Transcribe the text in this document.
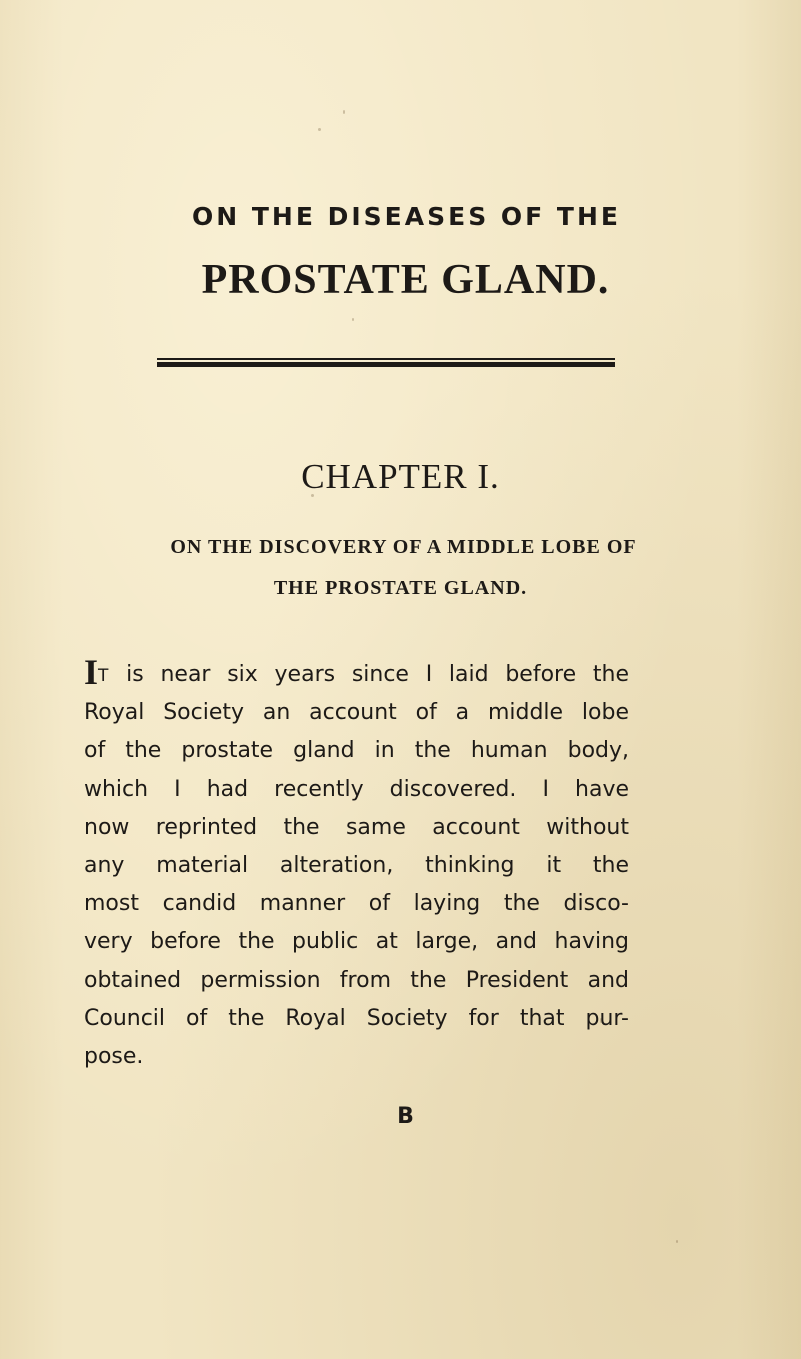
ON THE DISEASES OF THE
PROSTATE GLAND.
CHAPTER I.
ON THE DISCOVERY OF A MIDDLE LOBE OF
THE PROSTATE GLAND.
IT is near six years since I laid before the
Royal Society an account of a middle lobe
of the prostate gland in the human body,
which I had recently discovered. I have
now reprinted the same account without
any material alteration, thinking it the
most candid manner of laying the disco-
very before the public at large, and having
obtained permission from the President and
Council of the Royal Society for that pur-
pose.
B
